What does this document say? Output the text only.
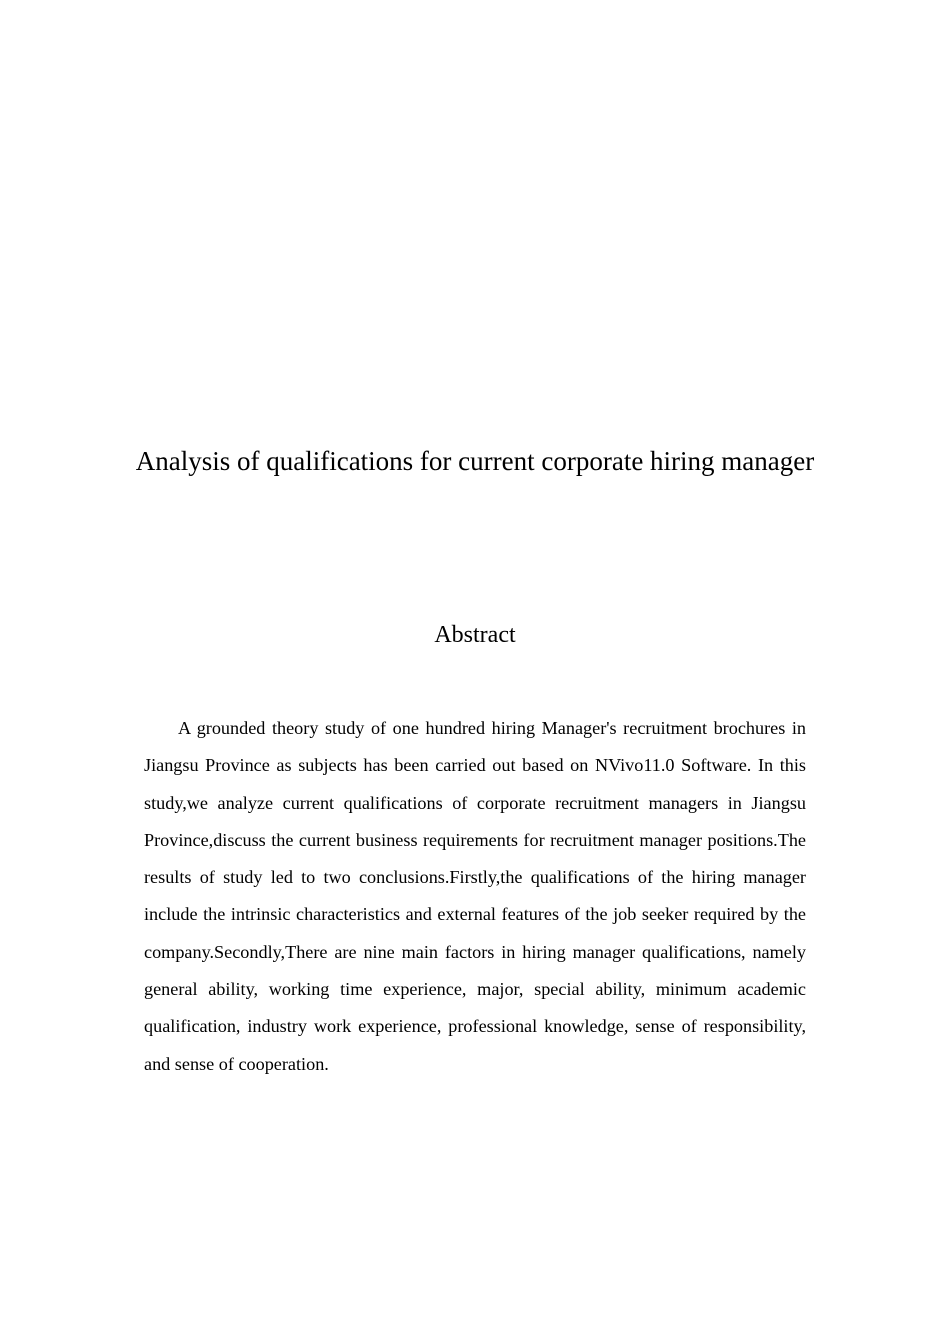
Analysis of qualifications for current corporate hiring manager
Abstract

A grounded theory study of one hundred hiring Manager's recruitment brochures in Jiangsu Province as subjects has been carried out based on NVivo11.0 Software. In this study,we analyze current qualifications of corporate recruitment managers in Jiangsu Province,discuss the current business requirements for recruitment manager positions.The results of study led to two conclusions.Firstly,the qualifications of the hiring manager include the intrinsic characteristics and external features of the job seeker required by the company.Secondly,There are nine main factors in hiring manager qualifications, namely general ability, working time experience, major, special ability, minimum academic qualification, industry work experience, professional knowledge, sense of responsibility, and sense of cooperation.
